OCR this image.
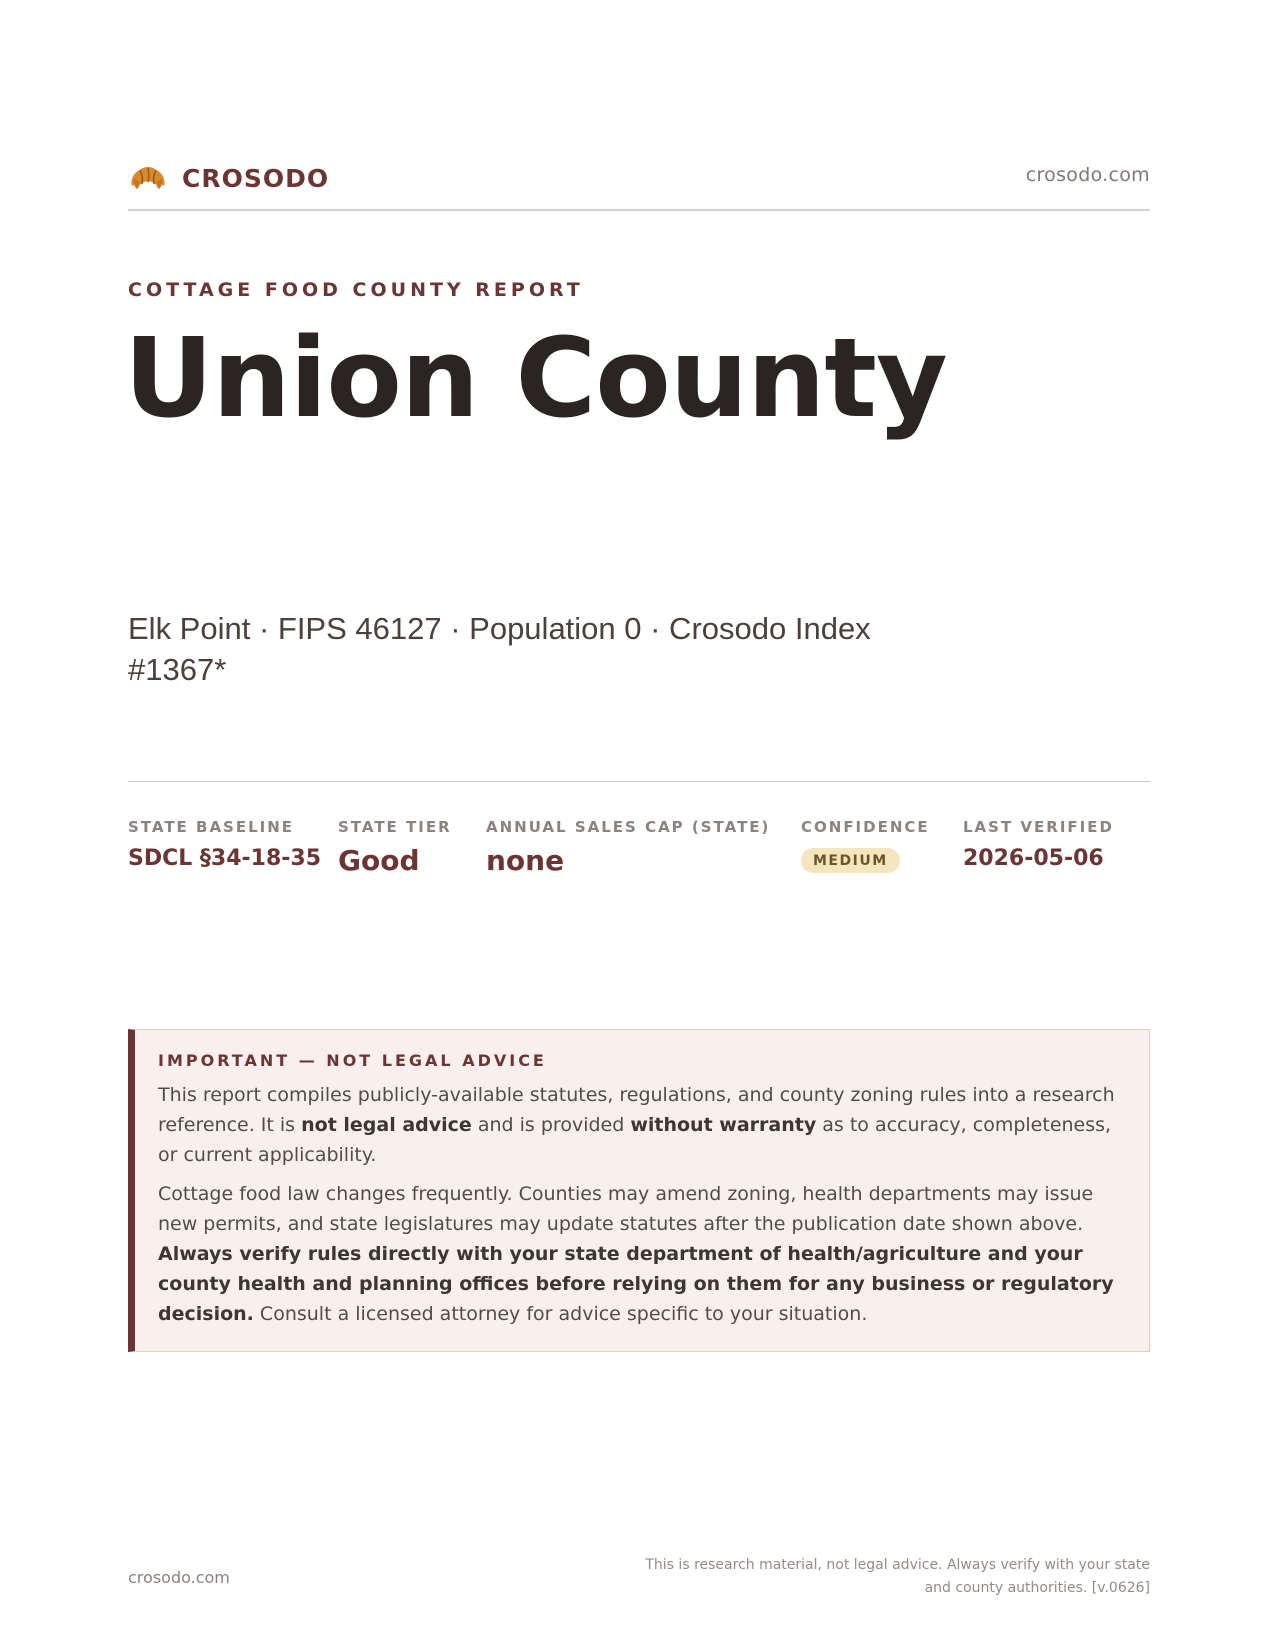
CROSODO	crosodo.com
COTTAGE FOOD COUNTY REPORT
Union County
Elk Point · FIPS 46127 · Population 0 · Crosodo Index #1367*
STATE BASELINE
SDCL §34-18-35
STATE TIER
Good
ANNUAL SALES CAP (STATE)
none
CONFIDENCE
MEDIUM
LAST VERIFIED
2026-05-06
IMPORTANT — NOT LEGAL ADVICE

This report compiles publicly-available statutes, regulations, and county zoning rules into a research reference. It is not legal advice and is provided without warranty as to accuracy, completeness, or current applicability.

Cottage food law changes frequently. Counties may amend zoning, health departments may issue new permits, and state legislatures may update statutes after the publication date shown above. Always verify rules directly with your state department of health/agriculture and your county health and planning offices before relying on them for any business or regulatory decision. Consult a licensed attorney for advice specific to your situation.

crosodo.com
This is research material, not legal advice. Always verify with your state
and county authorities. [v.0626]
